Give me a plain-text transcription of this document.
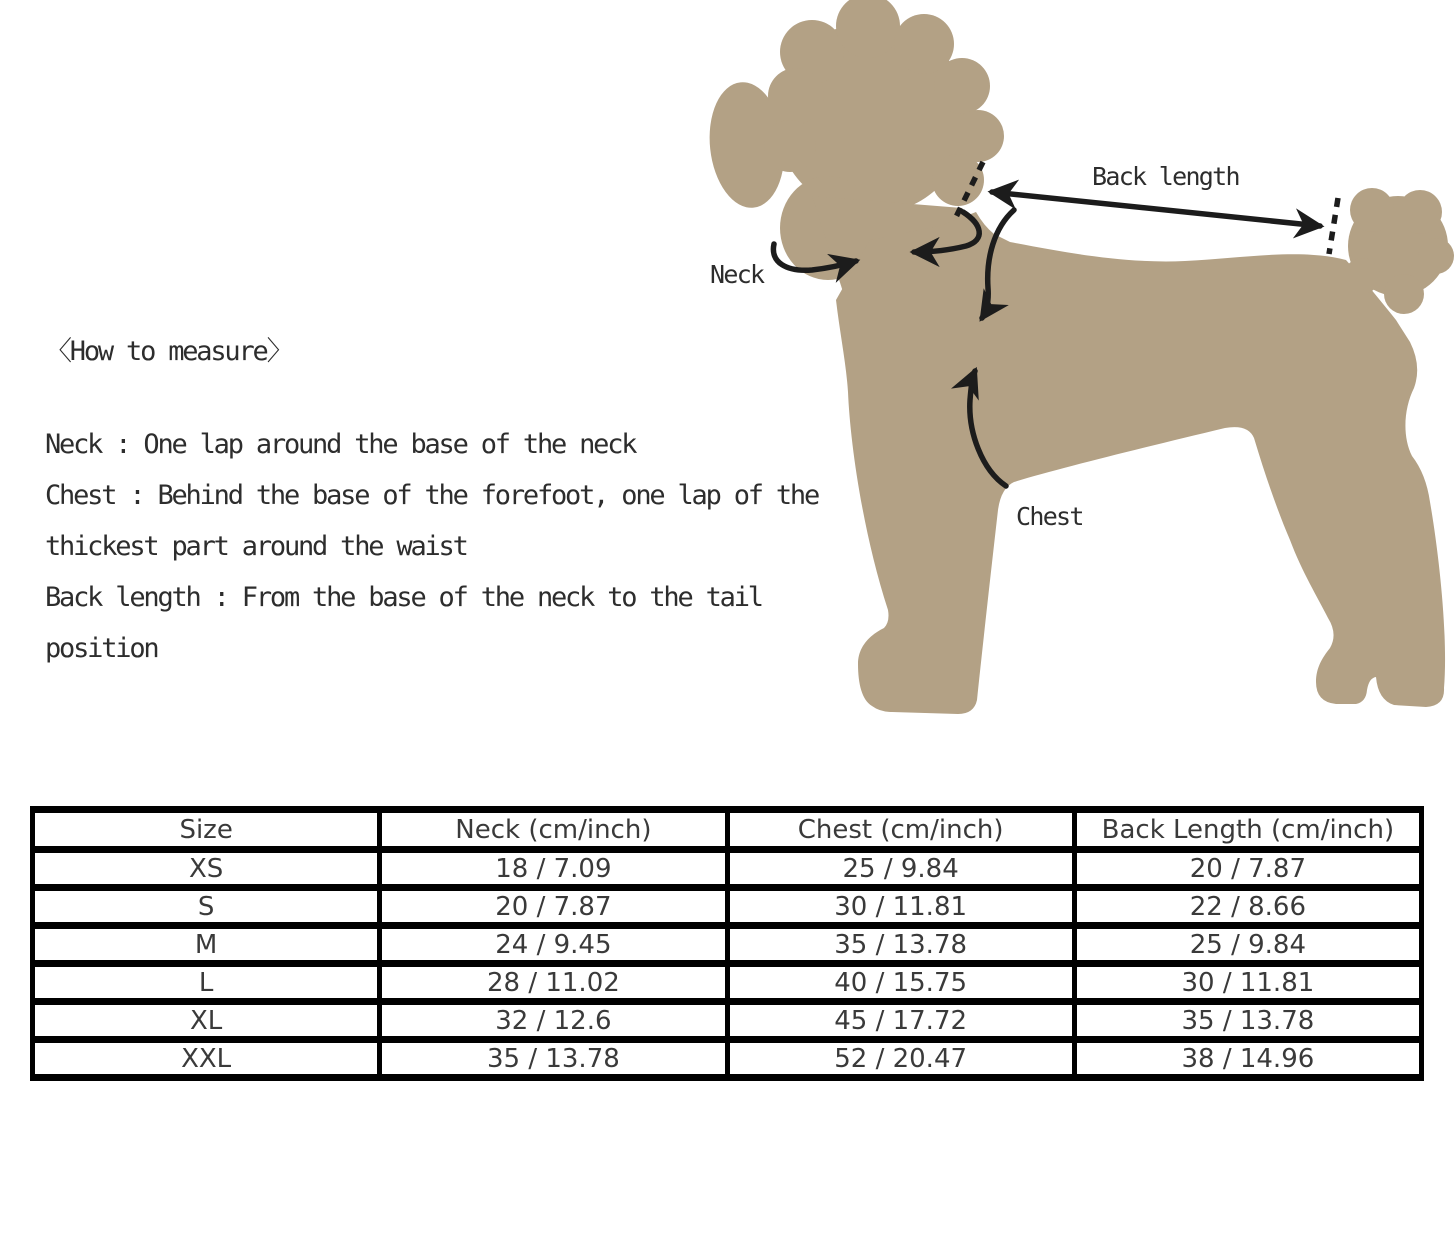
Neck
Back length
Chest
〈How to measure〉
Neck : One lap around the base of the neck
Chest : Behind the base of the forefoot, one lap of the
thickest part around the waist
Back length : From the base of the neck to the tail
position
Size	Neck (cm/inch)	Chest (cm/inch)	Back Length (cm/inch)
XS	18 / 7.09	25 / 9.84	20 / 7.87
S	20 / 7.87	30 / 11.81	22 / 8.66
M	24 / 9.45	35 / 13.78	25 / 9.84
L	28 / 11.02	40 / 15.75	30 / 11.81
XL	32 / 12.6	45 / 17.72	35 / 13.78
XXL	35 / 13.78	52 / 20.47	38 / 14.96
